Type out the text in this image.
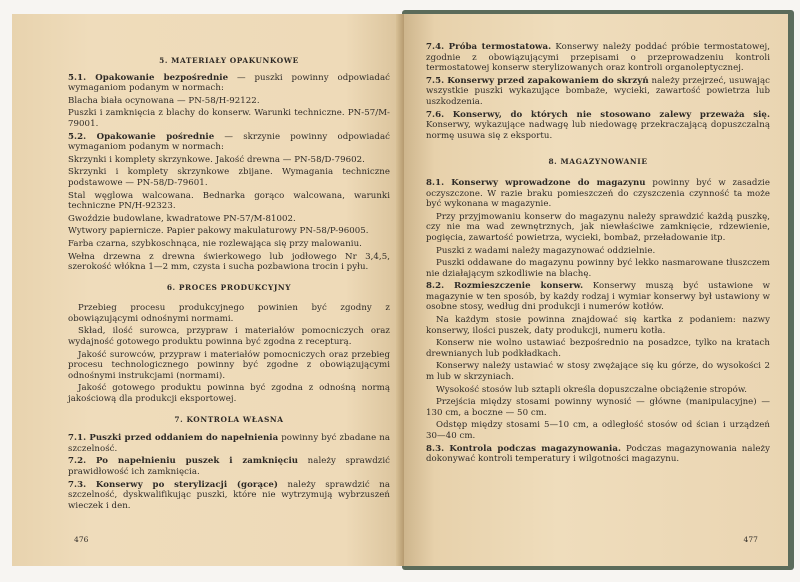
5. MATERIAŁY OPAKUNKOWE

5.1. Opakowanie bezpośrednie — puszki powinny odpowiadać wymaganiom podanym w normach:

Blacha biała ocynowana — PN-58/H-92122.

Puszki i zamknięcia z blachy do konserw. Warunki techniczne. PN-57/M-79001.

5.2. Opakowanie pośrednie — skrzynie powinny odpowiadać wymaganiom podanym w normach:

Skrzynki i komplety skrzynkowe. Jakość drewna — PN-58/D-79602.

Skrzynki i komplety skrzynkowe zbijane. Wymagania techniczne podstawowe — PN-58/D-79601.

Stal węglowa walcowana. Bednarka gorąco walcowana, warunki techniczne PN/H-92323.

Gwoździe budowlane, kwadratowe PN-57/M-81002.

Wytwory papiernicze. Papier pakowy makulaturowy PN-58/P-96005.

Farba czarna, szybkoschnąca, nie rozlewająca się przy malowaniu.

Wełna drzewna z drewna świerkowego lub jodłowego Nr 3,4,5, szerokość włókna 1—2 mm, czysta i sucha pozbawiona trocin i pyłu.

6. PROCES PRODUKCYJNY

Przebieg procesu produkcyjnego powinien być zgodny z obowiązującymi odnośnymi normami.

Skład, ilość surowca, przypraw i materiałów pomocniczych oraz wydajność gotowego produktu powinna być zgodna z recepturą.

Jakość surowców, przypraw i materiałów pomocniczych oraz przebieg procesu technologicznego powinny być zgodne z obowiązującymi odnośnymi instrukcjami (normami).

Jakość gotowego produktu powinna być zgodna z odnośną normą jakościową dla produkcji eksportowej.

7. KONTROLA WŁASNA

7.1. Puszki przed oddaniem do napełnienia powinny być zbadane na szczelność.

7.2. Po napełnieniu puszek i zamknięciu należy sprawdzić prawidłowość ich zamknięcia.

7.3. Konserwy po sterylizacji (gorące) należy sprawdzić na szczelność, dyskwalifikując puszki, które nie wytrzymują wybrzuszeń wieczek i den.

476

7.4. Próba termostatowa. Konserwy należy poddać próbie termostatowej, zgodnie z obowiązującymi przepisami o przeprowadzeniu kontroli termostatowej konserw sterylizowanych oraz kontroli organoleptycznej.

7.5. Konserwy przed zapakowaniem do skrzyń należy przejrzeć, usuwając wszystkie puszki wykazujące bombaże, wycieki, zawartość powietrza lub uszkodzenia.

7.6. Konserwy, do których nie stosowano zalewy przeważa się. Konserwy, wykazujące nadwagę lub niedowagę przekraczającą dopuszczalną normę usuwa się z eksportu.

8. MAGAZYNOWANIE

8.1. Konserwy wprowadzone do magazynu powinny być w zasadzie oczyszczone. W razie braku pomieszczeń do czyszczenia czynność ta może być wykonana w magazynie.

Przy przyjmowaniu konserw do magazynu należy sprawdzić każdą puszkę, czy nie ma wad zewnętrznych, jak niewłaściwe zamknięcie, rdzewienie, pogięcia, zawartość powietrza, wycieki, bombaż, przeładowanie itp.

Puszki z wadami należy magazynować oddzielnie.

Puszki oddawane do magazynu powinny być lekko nasmarowane tłuszczem nie działającym szkodliwie na blachę.

8.2. Rozmieszczenie konserw. Konserwy muszą być ustawione w magazynie w ten sposób, by każdy rodzaj i wymiar konserwy był ustawiony w osobne stosy, według dni produkcji i numerów kotłów.

Na każdym stosie powinna znajdować się kartka z podaniem: nazwy konserwy, ilości puszek, daty produkcji, numeru kotła.

Konserw nie wolno ustawiać bezpośrednio na posadzce, tylko na kratach drewnianych lub podkładkach.

Konserwy należy ustawiać w stosy zwężające się ku górze, do wysokości 2 m lub w skrzyniach.

Wysokość stosów lub sztapli określa dopuszczalne obciążenie stropów.

Przejścia między stosami powinny wynosić — główne (manipulacyjne) — 130 cm, a boczne — 50 cm.

Odstęp między stosami 5—10 cm, a odległość stosów od ścian i urządzeń 30—40 cm.

8.3. Kontrola podczas magazynowania. Podczas magazynowania należy dokonywać kontroli temperatury i wilgotności magazynu.

477
